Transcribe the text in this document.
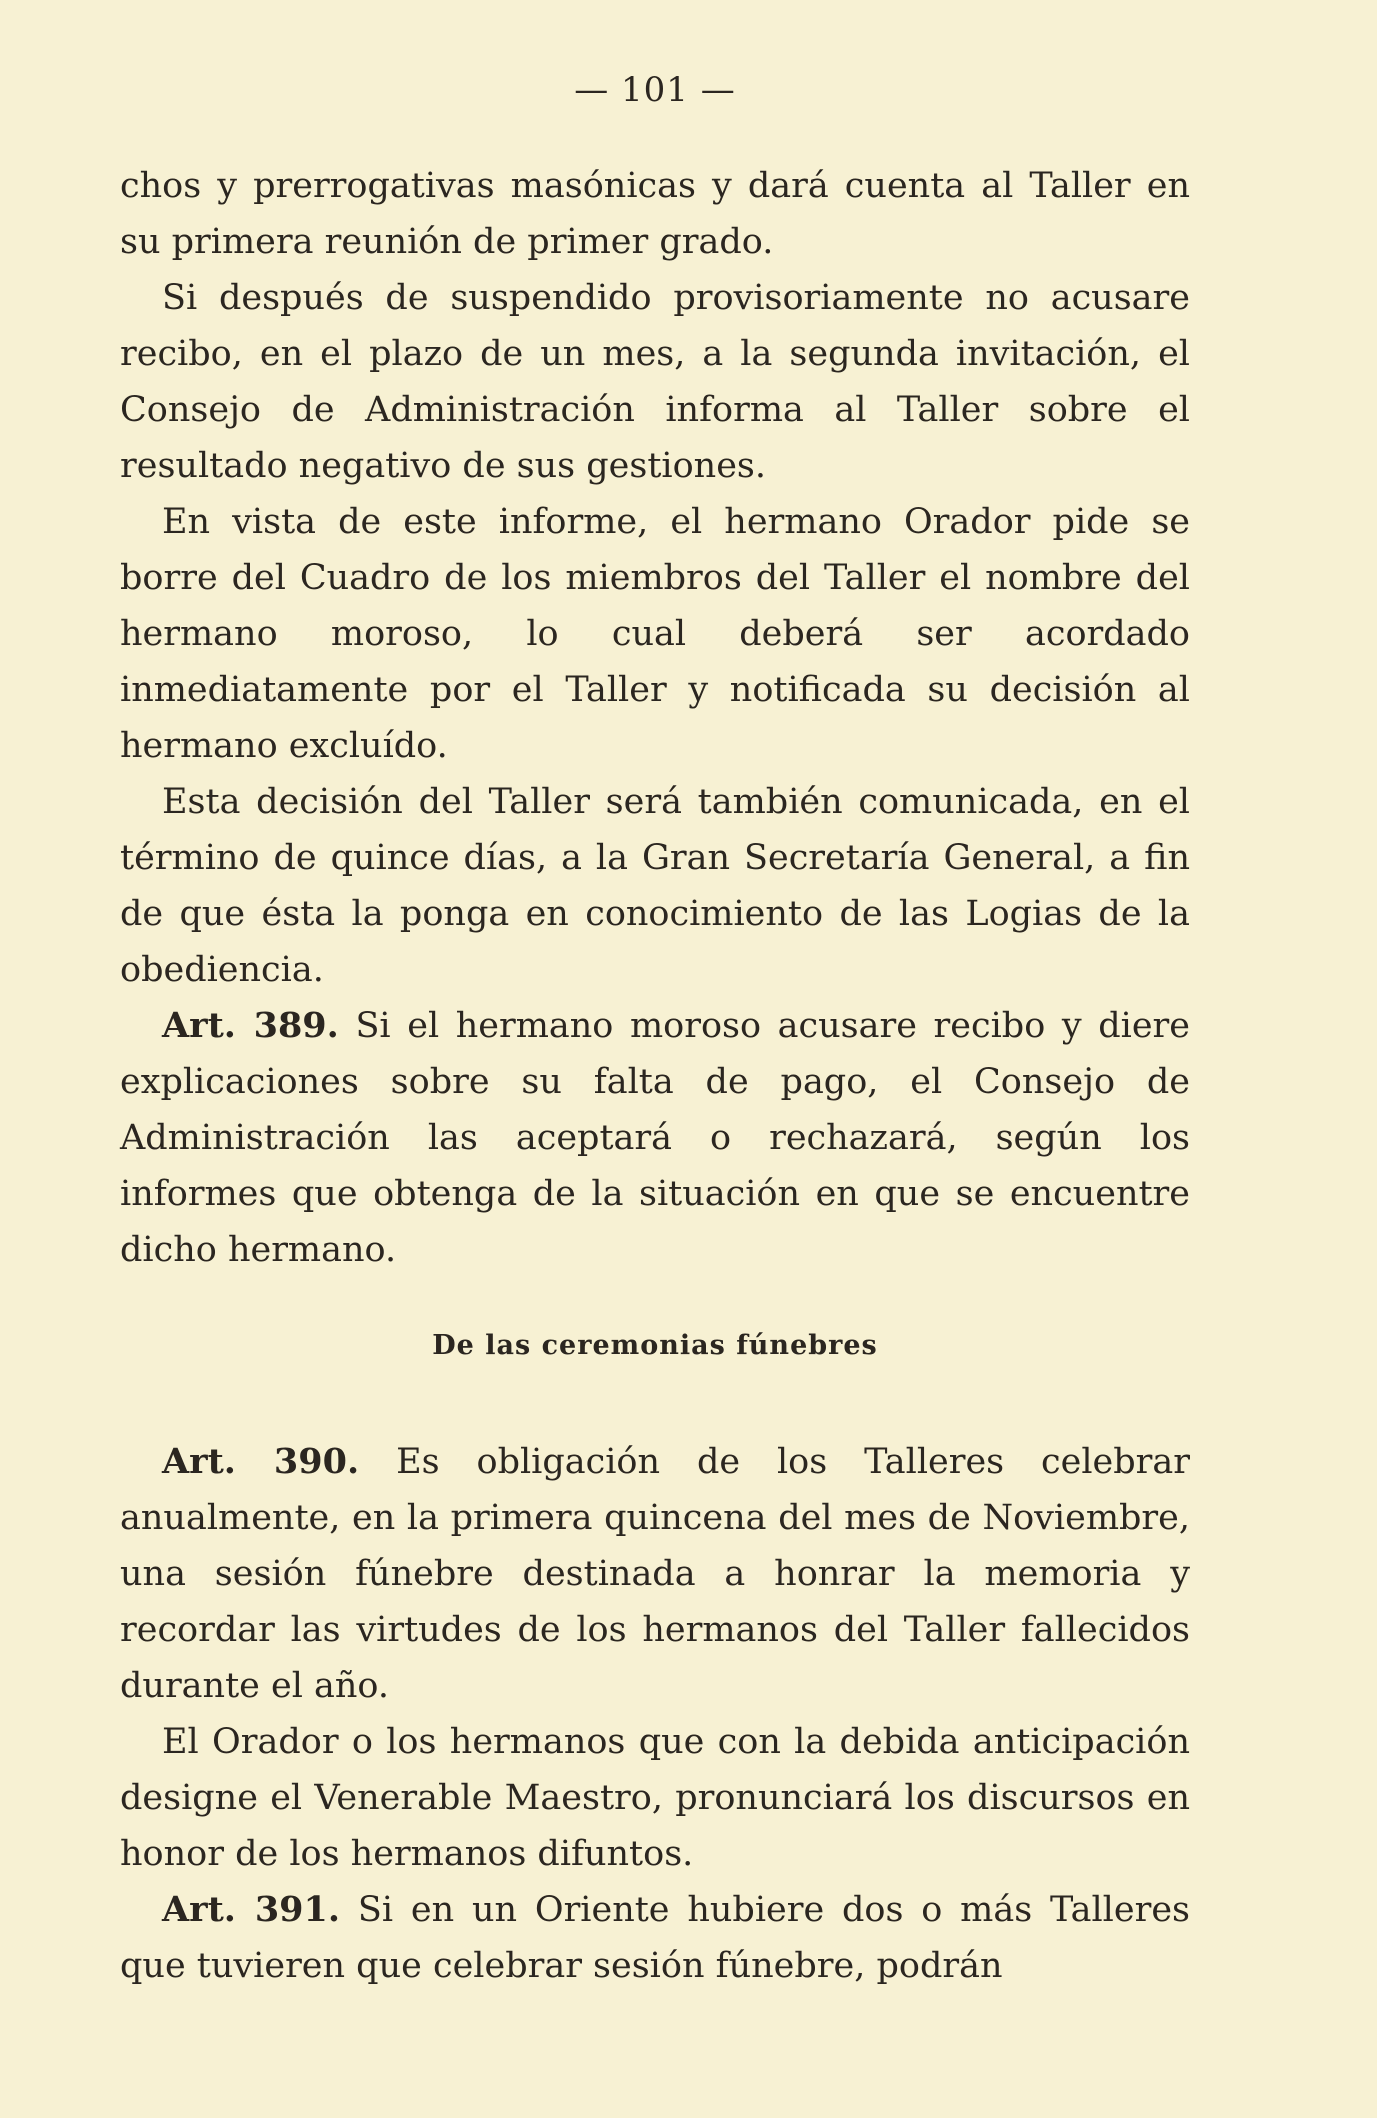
— 101 —

chos y prerrogativas masónicas y dará cuenta al Taller en su primera reunión de primer grado.

Si después de suspendido provisoriamente no acusare recibo, en el plazo de un mes, a la segunda invitación, el Consejo de Administración informa al Taller sobre el resultado negativo de sus gestiones.

En vista de este informe, el hermano Orador pide se borre del Cuadro de los miembros del Taller el nombre del hermano moroso, lo cual deberá ser acordado inmediatamente por el Taller y notificada su decisión al hermano excluído.

Esta decisión del Taller será también comunicada, en el término de quince días, a la Gran Secretaría General, a fin de que ésta la ponga en conocimiento de las Logias de la obediencia.

Art. 389. Si el hermano moroso acusare recibo y diere explicaciones sobre su falta de pago, el Consejo de Administración las aceptará o rechazará, según los informes que obtenga de la situación en que se encuentre dicho hermano.

De las ceremonias fúnebres

Art. 390. Es obligación de los Talleres celebrar anualmente, en la primera quincena del mes de Noviembre, una sesión fúnebre destinada a honrar la memoria y recordar las virtudes de los hermanos del Taller fallecidos durante el año.

El Orador o los hermanos que con la debida anticipación designe el Venerable Maestro, pronunciará los discursos en honor de los hermanos difuntos.

Art. 391. Si en un Oriente hubiere dos o más Talleres que tuvieren que celebrar sesión fúnebre, podrán
